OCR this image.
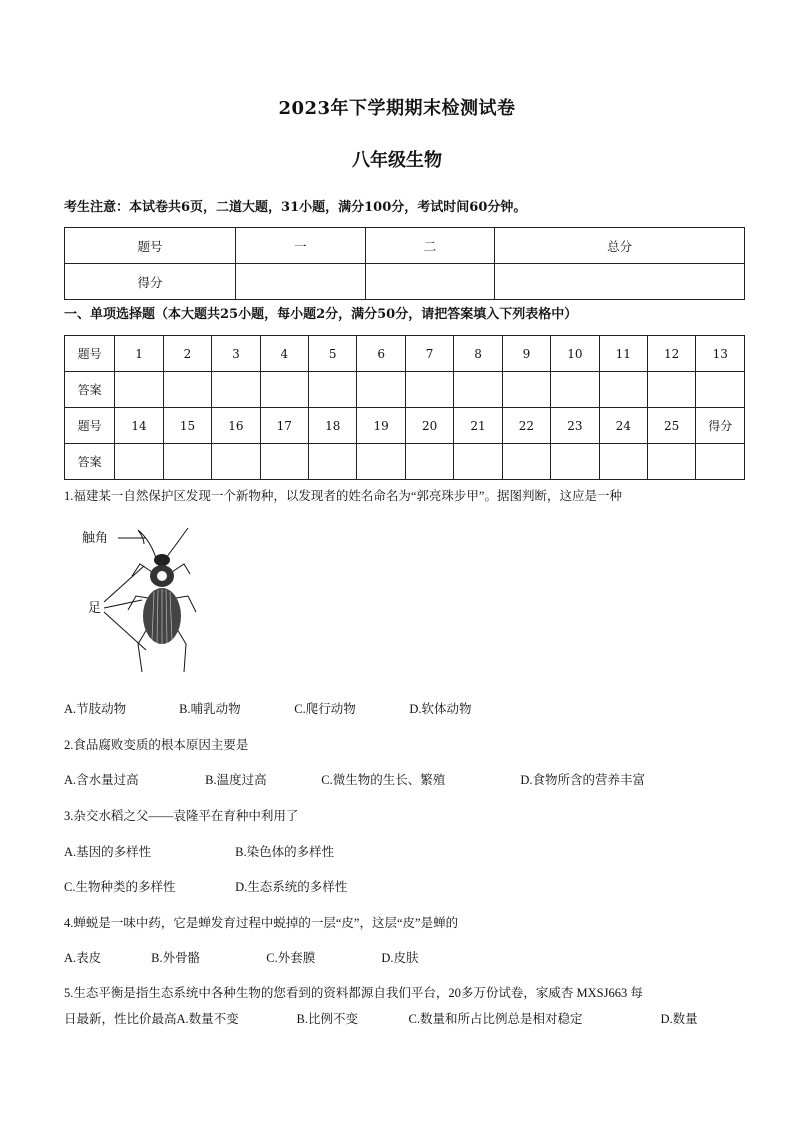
2023年下学期期末检测试卷
八年级生物
考生注意：本试卷共6页，二道大题，31小题，满分100分，考试时间60分钟。
题号	一	二	总分
得分			
一、单项选择题（本大题共25小题，每小题2分，满分50分，请把答案填入下列表格中）
题号	1	2	3	4	5	6	7	8	9	10	11	12	13
答案													
题号	14	15	16	17	18	19	20	21	22	23	24	25	得分
答案													
1.福建某一自然保护区发现一个新物种，以发现者的姓名命名为“郭亮珠步甲”。据图判断，这应是一种
触角
足
A.节肢动物	B.哺乳动物	C.爬行动物	D.软体动物
2.食品腐败变质的根本原因主要是
A.含水量过高	B.温度过高	C.微生物的生长、繁殖	D.食物所含的营养丰富
3.杂交水稻之父——袁隆平在育种中利用了
A.基因的多样性	B.染色体的多样性
C.生物种类的多样性	D.生态系统的多样性
4.蝉蜕是一味中药，它是蝉发育过程中蜕掉的一层“皮”，这层“皮”是蝉的
A.表皮	B.外骨骼	C.外套膜	D.皮肤
5.生态平衡是指生态系统中各种生物的您看到的资料都源自我们平台，20多万份试卷，家威杏 MXSJ663 每
日最新，性比价最高A.数量不变	B.比例不变	C.数量和所占比例总是相对稳定	D.数量
